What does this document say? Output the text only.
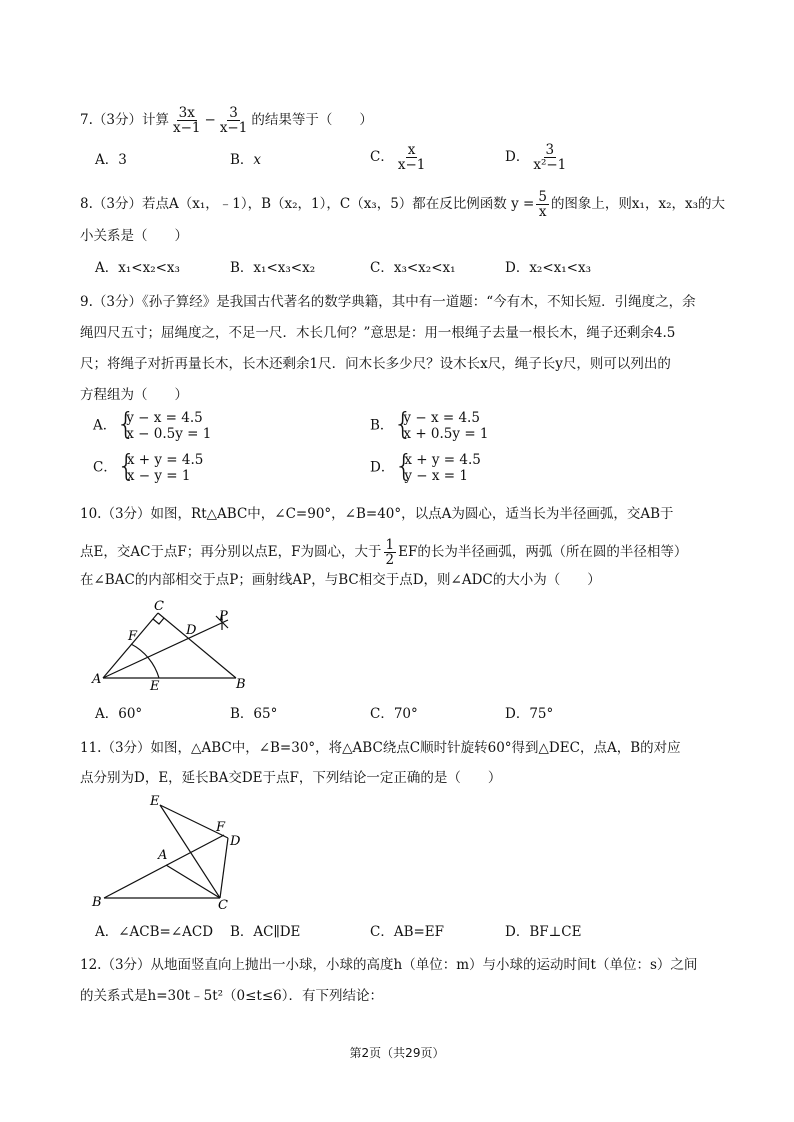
7.（3分）计算 $\frac{3x}{x-1} - \frac{3}{x-1}$ 的结果等于（　　）
A．3	B．x	C． $\frac{x}{x-1}$	D． $\frac{3}{\text{x²−1}}$
8.（3分）若点A（x₁，﹣1），B（x₂，1），C（x₃，5）都在反比例函数 $y = \frac{5}{x}$ 的图象上，则x₁，x₂，x₃的大
小关系是（　　）
A．x₁<x₂<x₃	B．x₁<x₃<x₂	C．x₃<x₂<x₁	D．x₂<x₁<x₃
9.（3分）《孙子算经》是我国古代著名的数学典籍，其中有一道题：“今有木，不知长短．引绳度之，余
绳四尺五寸；屈绳度之，不足一尺．木长几何？”意思是：用一根绳子去量一根长木，绳子还剩余4.5
尺；将绳子对折再量长木，长木还剩余1尺．问木长多少尺？设木长x尺，绳子长y尺，则可以列出的
方程组为（　　）
A． {
y − x = 4.5
x − 0.5y = 1
B． {
y − x = 4.5
x + 0.5y = 1
C． {
x + y = 4.5
x − y = 1
D． {
x + y = 4.5
y − x = 1
10.（3分）如图，Rt△ABC中，∠C=90°，∠B=40°，以点A为圆心，适当长为半径画弧，交AB于
点E，交AC于点F；再分别以点E，F为圆心，大于 $\frac{1}{2}$ EF的长为半径画弧，两弧（所在圆的半径相等）
在∠BAC的内部相交于点P；画射线AP，与BC相交于点D，则∠ADC的大小为（　　）
C
P
F	D
A	E	B
A．60°	B．65°	C．70°	D．75°
11.（3分）如图，△ABC中，∠B=30°，将△ABC绕点C顺时针旋转60°得到△DEC，点A，B的对应
点分别为D，E，延长BA交DE于点F，下列结论一定正确的是（　　）
E
F
D
A
B	C
A．∠ACB=∠ACD B．AC∥DE	C．AB=EF	D．BF⊥CE
12.（3分）从地面竖直向上抛出一小球，小球的高度h（单位：m）与小球的运动时间t（单位：s）之间
的关系式是h=30t﹣5t²（0≤t≤6）．有下列结论：
第2页（共29页）
